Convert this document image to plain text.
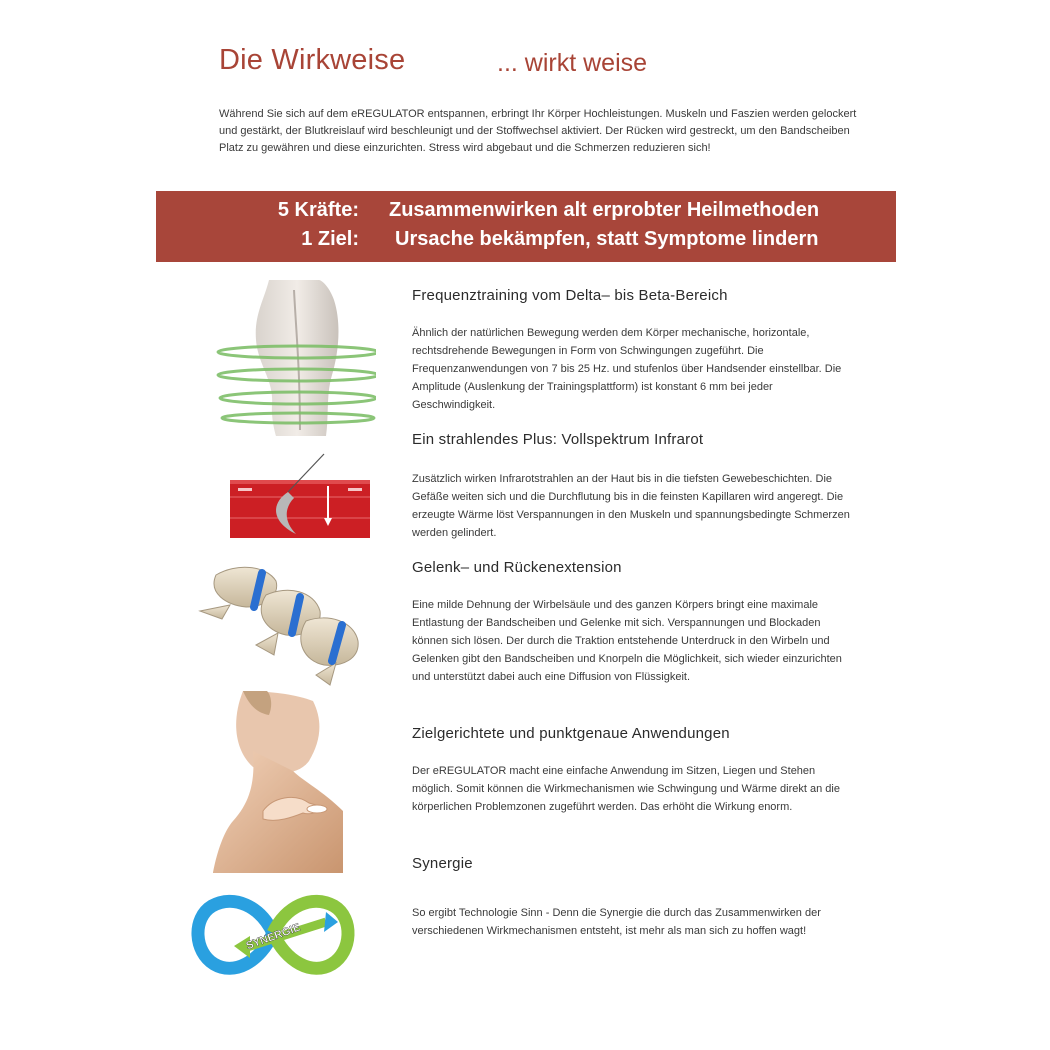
Die Wirkweise	... wirkt weise
Während Sie sich auf dem eREGULATOR entspannen, erbringt Ihr Körper Hochleistungen. Muskeln und Faszien werden gelockert und gestärkt, der Blutkreislauf wird beschleunigt und der Stoffwechsel aktiviert. Der Rücken wird gestreckt, um den Bandscheiben Platz zu gewähren und diese einzurichten. Stress wird abgebaut und die Schmerzen reduzieren sich!
5 Kräfte: Zusammenwirken alt erprobter Heilmethoden
1 Ziel: Ursache bekämpfen, statt Symptome lindern
Frequenztraining vom Delta– bis Beta-Bereich
Ähnlich der natürlichen Bewegung werden dem Körper mechanische, horizontale, rechtsdrehende Bewegungen in Form von Schwingungen zugeführt. Die Frequenzanwendungen von 7 bis 25 Hz. und stufenlos über Handsender einstellbar. Die Amplitude (Auslenkung der Trainingsplattform) ist konstant 6 mm bei jeder Geschwindigkeit.
Ein strahlendes Plus: Vollspektrum Infrarot
Zusätzlich wirken Infrarotstrahlen an der Haut bis in die tiefsten Gewebeschichten. Die Gefäße weiten sich und die Durchflutung bis in die feinsten Kapillaren wird angeregt. Die erzeugte Wärme löst Verspannungen in den Muskeln und spannungsbedingte Schmerzen werden gelindert.
Gelenk– und Rückenextension
Eine milde Dehnung der Wirbelsäule und des ganzen Körpers bringt eine maximale Entlastung der Bandscheiben und Gelenke mit sich. Verspannungen und Blockaden können sich lösen. Der durch die Traktion entstehende Unterdruck in den Wirbeln und Gelenken gibt den Bandscheiben und Knorpeln die Möglichkeit, sich wieder einzurichten und unterstützt dabei auch eine Diffusion von Flüssigkeit.
Zielgerichtete und punktgenaue Anwendungen
Der eREGULATOR macht eine einfache Anwendung im Sitzen, Liegen und Stehen möglich. Somit können die Wirkmechanismen wie Schwingung und Wärme direkt an die körperlichen Problemzonen zugeführt werden. Das erhöht die Wirkung enorm.
SYNERGIE
Synergie
So ergibt Technologie Sinn - Denn die Synergie die durch das Zusammenwirken der verschiedenen Wirkmechanismen entsteht, ist mehr als man sich zu hoffen wagt!
